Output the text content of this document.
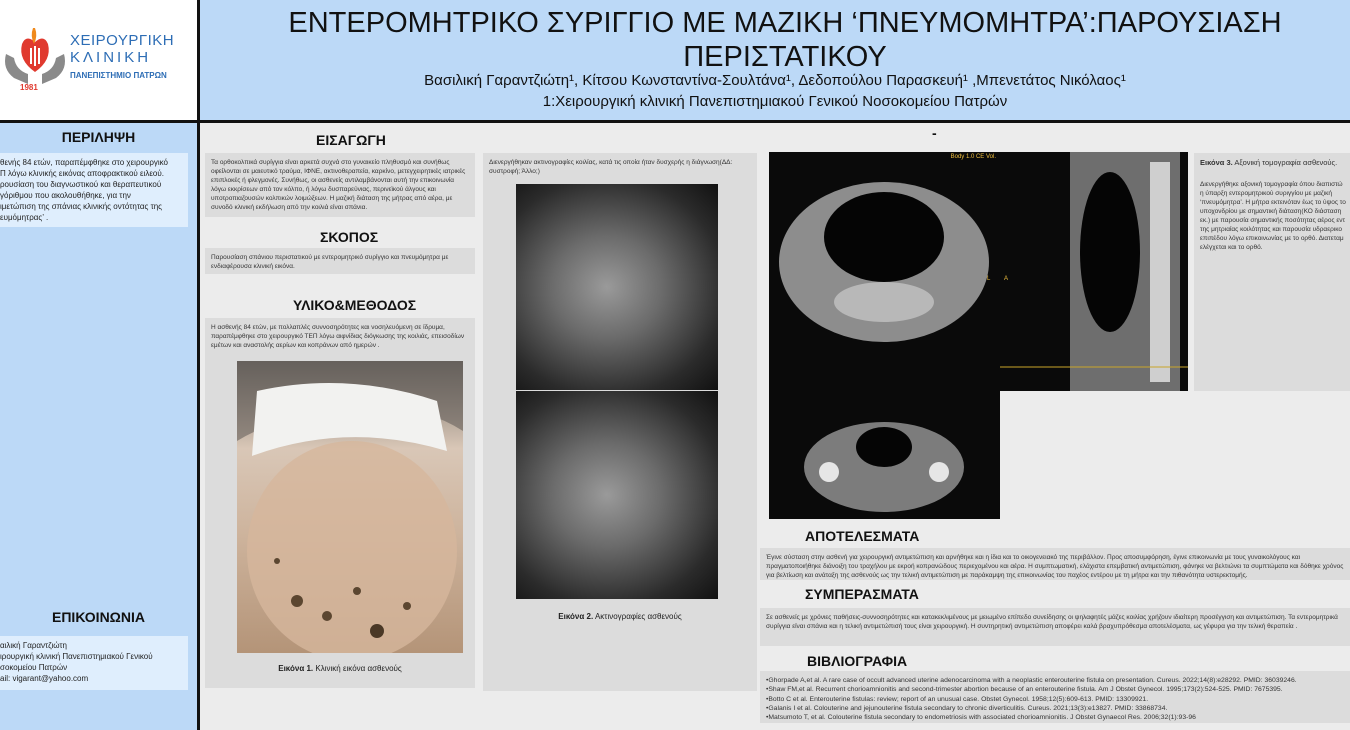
1981
ΧΕΙΡΟΥΡΓΙΚΗ
ΚΛΙΝΙΚΗ
ΠΑΝΕΠΙΣΤΗΜΙΟ ΠΑΤΡΩΝ
ΕΝΤΕΡΟΜΗΤΡΙΚΟ ΣΥΡΙΓΓΙΟ ΜΕ ΜΑΖΙΚΗ ‘ΠΝΕΥΜΟΜΗΤΡΑ’:ΠΑΡΟΥΣΙΑΣΗ ΠΕΡΙΣΤΑΤΙΚΟΥ
Βασιλική Γαραντζιώτη¹, Κίτσου Κωνσταντίνα-Σουλτάνα¹, Δεδοπούλου Παρασκευή¹ ,Μπενετάτος Νικόλαος¹
1:Χειρουργική κλινική Πανεπιστημιακού Γενικού Νοσοκομείου Πατρών
ΠΕΡΙΛΗΨΗ

θενής 84 ετών, παραπέμφθηκε στο χειρουργικό

Π λόγω κλινικής εικόνας αποφρακτικού ειλεού.

ρουσίαση του διαγνωστικού και θεραπευτικού

γόριθμου που ακολουθήθηκε, για την

ιμετώπιση της σπάνιας κλινικής οντότητας της

ευμόμητρας’ .

ΕΠΙΚΟΙΝΩΝΙΑ

αιλική Γαραντζιώτη

ιρουργική κλινική Πανεπιστημιακού Γενικού

σοκομείου Πατρών

ail: vigarant@yahoo.com

ΕΙΣΑΓΩΓΗ
Τα ορθοκολπικά συρίγγια είναι αρκετά συχνά στο γυναικείο πληθυσμό και συνήθως οφείλονται σε μαιευτικό τραύμα, ΙΦΝΕ, ακτινοθεραπεία, καρκίνο, μετεγχειρητικές ιατρικές επιπλοκές ή φλεγμονές. Συνήθως, οι ασθενείς αντιλαμβάνονται αυτή την επικοινωνία λόγω εκκρίσεων από τον κόλπο, ή λόγω δυσπαρεύνιας, περινεϊκού άλγους και υποτροπιαζουσών κολπικών λοιμώξεων. Η μαζική διάταση της μήτρας από αέρα, με συνοδό κλινική εκδήλωση από την κοιλιά είναι σπάνια.
ΣΚΟΠΟΣ
Παρουσίαση σπάνιου περιστατικού με εντερομητρικό συρίγγιο και πνευμόμητρα με ενδιαφέρουσα κλινική εικόνα.
ΥΛΙΚΟ&ΜΕΘΟΔΟΣ
Η ασθενής 84 ετών, με πολλαπλές συννοσηρότητες και νοσηλευόμενη σε ίδρυμα, παραπέμφθηκε στο χειρουργικό ΤΕΠ λόγω αιφνίδιας διόγκωσης της κοιλιάς, επεισοδίων εμέτων και αναστολής αερίων και κοπράνων από ημερών .
Εικόνα 1. Κλινική εικόνα ασθενούς
Διενεργήθηκαν ακτινογραφίες κοιλίας, κατά τις οποία ήταν δυσχερής η διάγνωση(ΔΔ: συστροφή; Άλλο;)
Εικόνα 2. Ακτινογραφίες ασθενούς
-
Body 1.0 CE Vol.
L A
Εικόνα 3. Αξονική τομογραφία ασθενούς.

Διενεργήθηκε αξονική τομογραφία όπου διαπιστώ

η ύπαρξη εντερομητρικού συριγγίου με μαζική

‘πνευμόμητρα’. Η μήτρα εκτεινόταν έως το ύψος το

υποχονδρίου με σημαντική διάταση(ΚΟ διάσταση

εκ.) με παρουσία σημαντικής ποσότητας αέρος εντ

της μητριαίας κοιλότητας και παρουσία υδραερικο

επιπέδου λόγω επικοινωνίας με το ορθό. Διατεταμ

ελέγχεται και το ορθό.

ΑΠΟΤΕΛΕΣΜΑΤΑ
Έγινε σύσταση στην ασθενή για χειρουργική αντιμετώπιση και αρνήθηκε και η ίδια και το οικογενειακό της περιβάλλον. Προς αποσυμφόρηση, έγινε επικοινωνία με τους γυναικολόγους και πραγματοποιήθηκε διάνοιξη του τραχήλου με εκροή κοπρανώδους περιεχομένου και αέρα. Η συμπτωματική, ελάχιστα επεμβατική αντιμετώπιση, φάνηκε να βελτιώνει τα συμπτώματα και δόθηκε χρόνος για βελτίωση και ανάταξη της ασθενούς ως την τελική αντιμετώπιση με παράκαμψη της επικοινωνίας του παχέος εντέρου με τη μήτρα και την πιθανότητα υστερεκτομής.
ΣΥΜΠΕΡΑΣΜΑΤΑ
Σε ασθενείς με χρόνιες παθήσεις-συννοσηρότητες και κατακεκλιμένους με μειωμένο επίπεδο συνείδησης οι ψηλαφητές μάζες κοιλίας χρήζουν ιδιαίτερη προσέγγιση και αντιμετώπιση. Τα εντερομητρικά συρίγγια είναι σπάνια και η τελική αντιμετώπισή τους είναι χειρουργική. Η συντηρητική αντιμετώπιση αποφέρει καλά βραχυπρόθεσμα αποτελέσματα, ως γέφυρα για την τελική θεραπεία .
ΒΙΒΛΙΟΓΡΑΦΙΑ

•Ghorpade A,et al. A rare case of occult advanced uterine adenocarcinoma with a neoplastic enterouterine fistula on presentation. Cureus. 2022;14(8):e28292. PMID: 36039246.

•Shaw FM,et al. Recurrent chorioamnionitis and second-trimester abortion because of an enterouterine fistula. Am J Obstet Gynecol. 1995;173(2):524-525. PMID: 7675395.

•Botto C et al. Enterouterine fistulas: review; report of an unusual case. Obstet Gynecol. 1958;12(5):609-613. PMID: 13309921.

•Galanis I et al. Colouterine and jejunouterine fistula secondary to chronic diverticulitis. Cureus. 2021;13(3):e13827. PMID: 33868734.

•Matsumoto T, et al. Colouterine fistula secondary to endometriosis with associated chorioamnionitis. J Obstet Gynaecol Res. 2006;32(1):93-96
